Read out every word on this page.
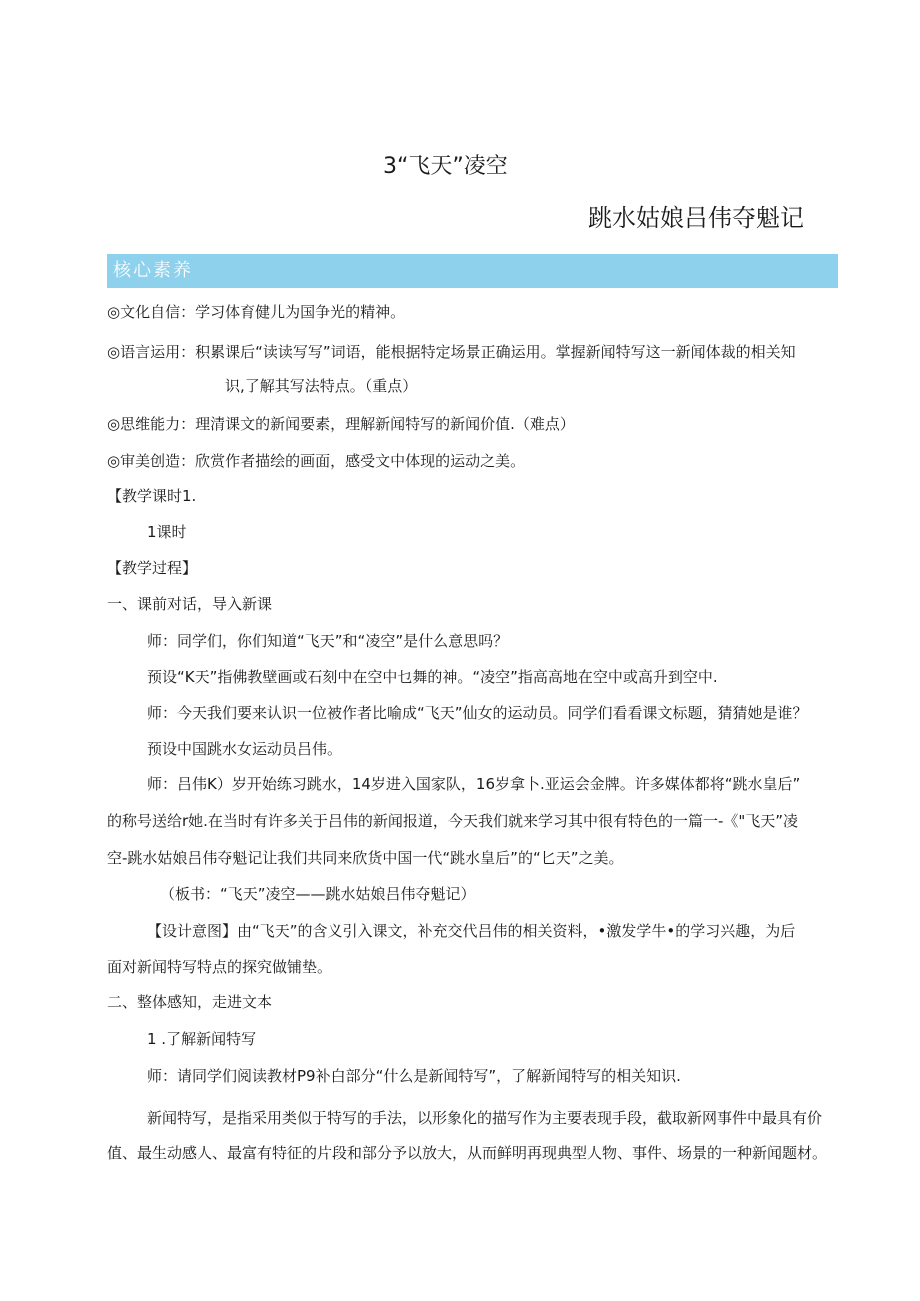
3“飞天”凌空
跳水姑娘吕伟夺魁记
核心素养
◎文化自信：学习体育健儿为国争光的精神。
◎语言运用：积累课后“读读写写”词语，能根据特定场景正确运用。掌握新闻特写这一新闻体裁的相关知
识,了解其写法特点。（重点）
◎思维能力：理清课文的新闻要素，理解新闻特写的新闻价值.（难点）
◎审美创造：欣赏作者描绘的画面，感受文中体现的运动之美。
【教学课时1.
1课时
【教学过程】
一、课前对话，导入新课
师：同学们，你们知道“飞天”和“凌空”是什么意思吗？
预设“K天”指佛教壁画或石刻中在空中乜舞的神。“凌空”指高高地在空中或高升到空中.
师：今天我们要来认识一位被作者比喻成“飞天”仙女的运动员。同学们看看课文标题，猜猜她是谁？
预设中国跳水女运动员吕伟。
师：吕伟K）岁开始练习跳水，14岁进入国家队，16岁拿卜.亚运会金牌。许多媒体都将“跳水皇后”
的称号送给r她.在当时有许多关于吕伟的新闻报道，今天我们就来学习其中很有特色的一篇一-《"飞天”凌
空-跳水姑娘吕伟夺魁记让我们共同来欣货中国一代“跳水皇后”的“匕天”之美。
（板书：“飞天”凌空——跳水姑娘吕伟夺魁记）
【设计意图】由“飞天”的含义引入课文，补充交代吕伟的相关资料，•激发学牛•的学习兴趣，为后
面对新闻特写特点的探究做铺垫。
二、整体感知，走进文本
1 .了解新闻特写
师：请同学们阅读教材P9补白部分“什么是新闻特写”，了解新闻特写的相关知识.
新闻特写，是指采用类似于特写的手法，以形象化的描写作为主要表现手段，截取新网事件中最具有价
值、最生动感人、最富有特征的片段和部分予以放大，从而鲜明再现典型人物、事件、场景的一种新闻题材。
